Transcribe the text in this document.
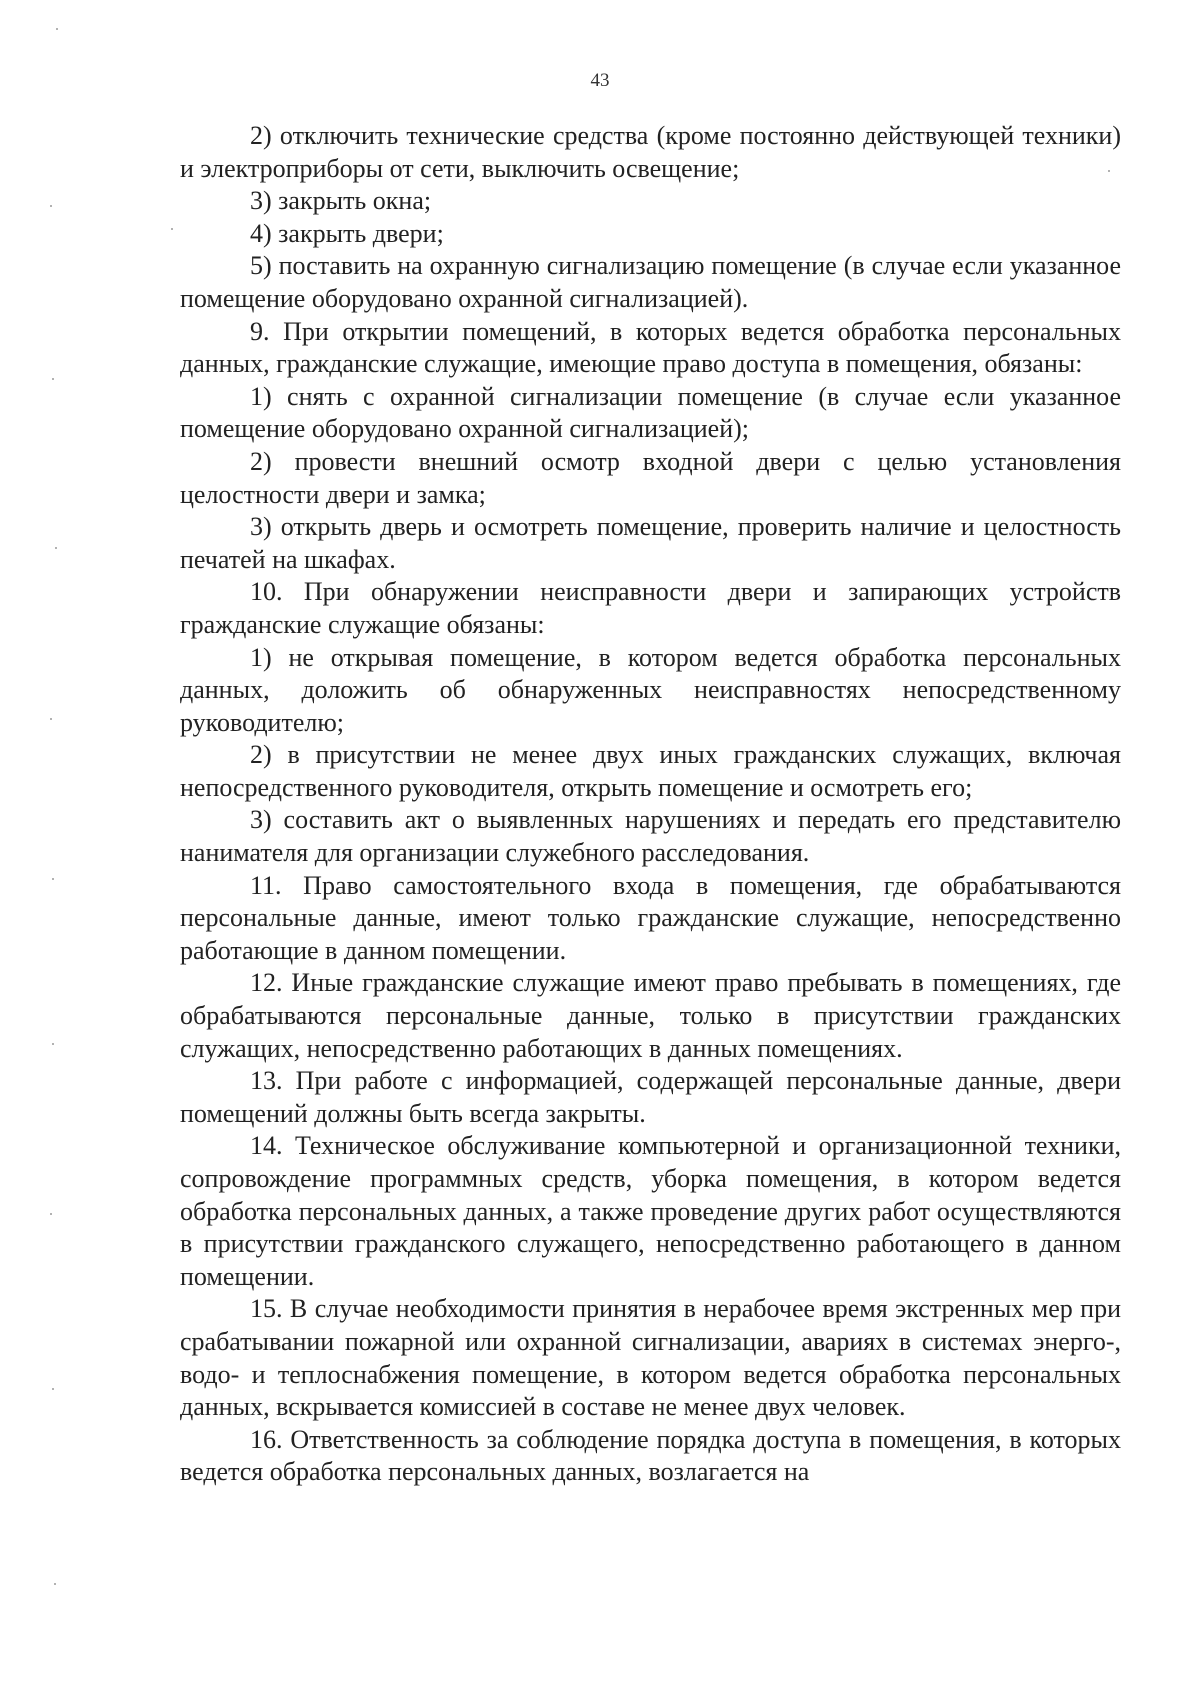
43

2) отключить технические средства (кроме постоянно действующей техники) и электроприборы от сети, выключить освещение;

3) закрыть окна;

4) закрыть двери;

5) поставить на охранную сигнализацию помещение (в случае если указанное помещение оборудовано охранной сигнализацией).

9. При открытии помещений, в которых ведется обработка персональных данных, гражданские служащие, имеющие право доступа в помещения, обязаны:

1) снять с охранной сигнализации помещение (в случае если указанное помещение оборудовано охранной сигнализацией);

2) провести внешний осмотр входной двери с целью установления целостности двери и замка;

3) открыть дверь и осмотреть помещение, проверить наличие и целостность печатей на шкафах.

10. При обнаружении неисправности двери и запирающих устройств гражданские служащие обязаны:

1) не открывая помещение, в котором ведется обработка персональных данных, доложить об обнаруженных неисправностях непосредственному руководителю;

2) в присутствии не менее двух иных гражданских служащих, включая непосредственного руководителя, открыть помещение и осмотреть его;

3) составить акт о выявленных нарушениях и передать его представителю нанимателя для организации служебного расследования.

11. Право самостоятельного входа в помещения, где обрабатываются персональные данные, имеют только гражданские служащие, непосредственно работающие в данном помещении.

12. Иные гражданские служащие имеют право пребывать в помещениях, где обрабатываются персональные данные, только в присутствии гражданских служащих, непосредственно работающих в данных помещениях.

13. При работе с информацией, содержащей персональные данные, двери помещений должны быть всегда закрыты.

14. Техническое обслуживание компьютерной и организационной техники, сопровождение программных средств, уборка помещения, в котором ведется обработка персональных данных, а также проведение других работ осуществляются в присутствии гражданского служащего, непосредственно работающего в данном помещении.

15. В случае необходимости принятия в нерабочее время экстренных мер при срабатывании пожарной или охранной сигнализации, авариях в системах энерго-, водо- и теплоснабжения помещение, в котором ведется обработка персональных данных, вскрывается комиссией в составе не менее двух человек.

16. Ответственность за соблюдение порядка доступа в помещения, в которых ведется обработка персональных данных, возлагается на
